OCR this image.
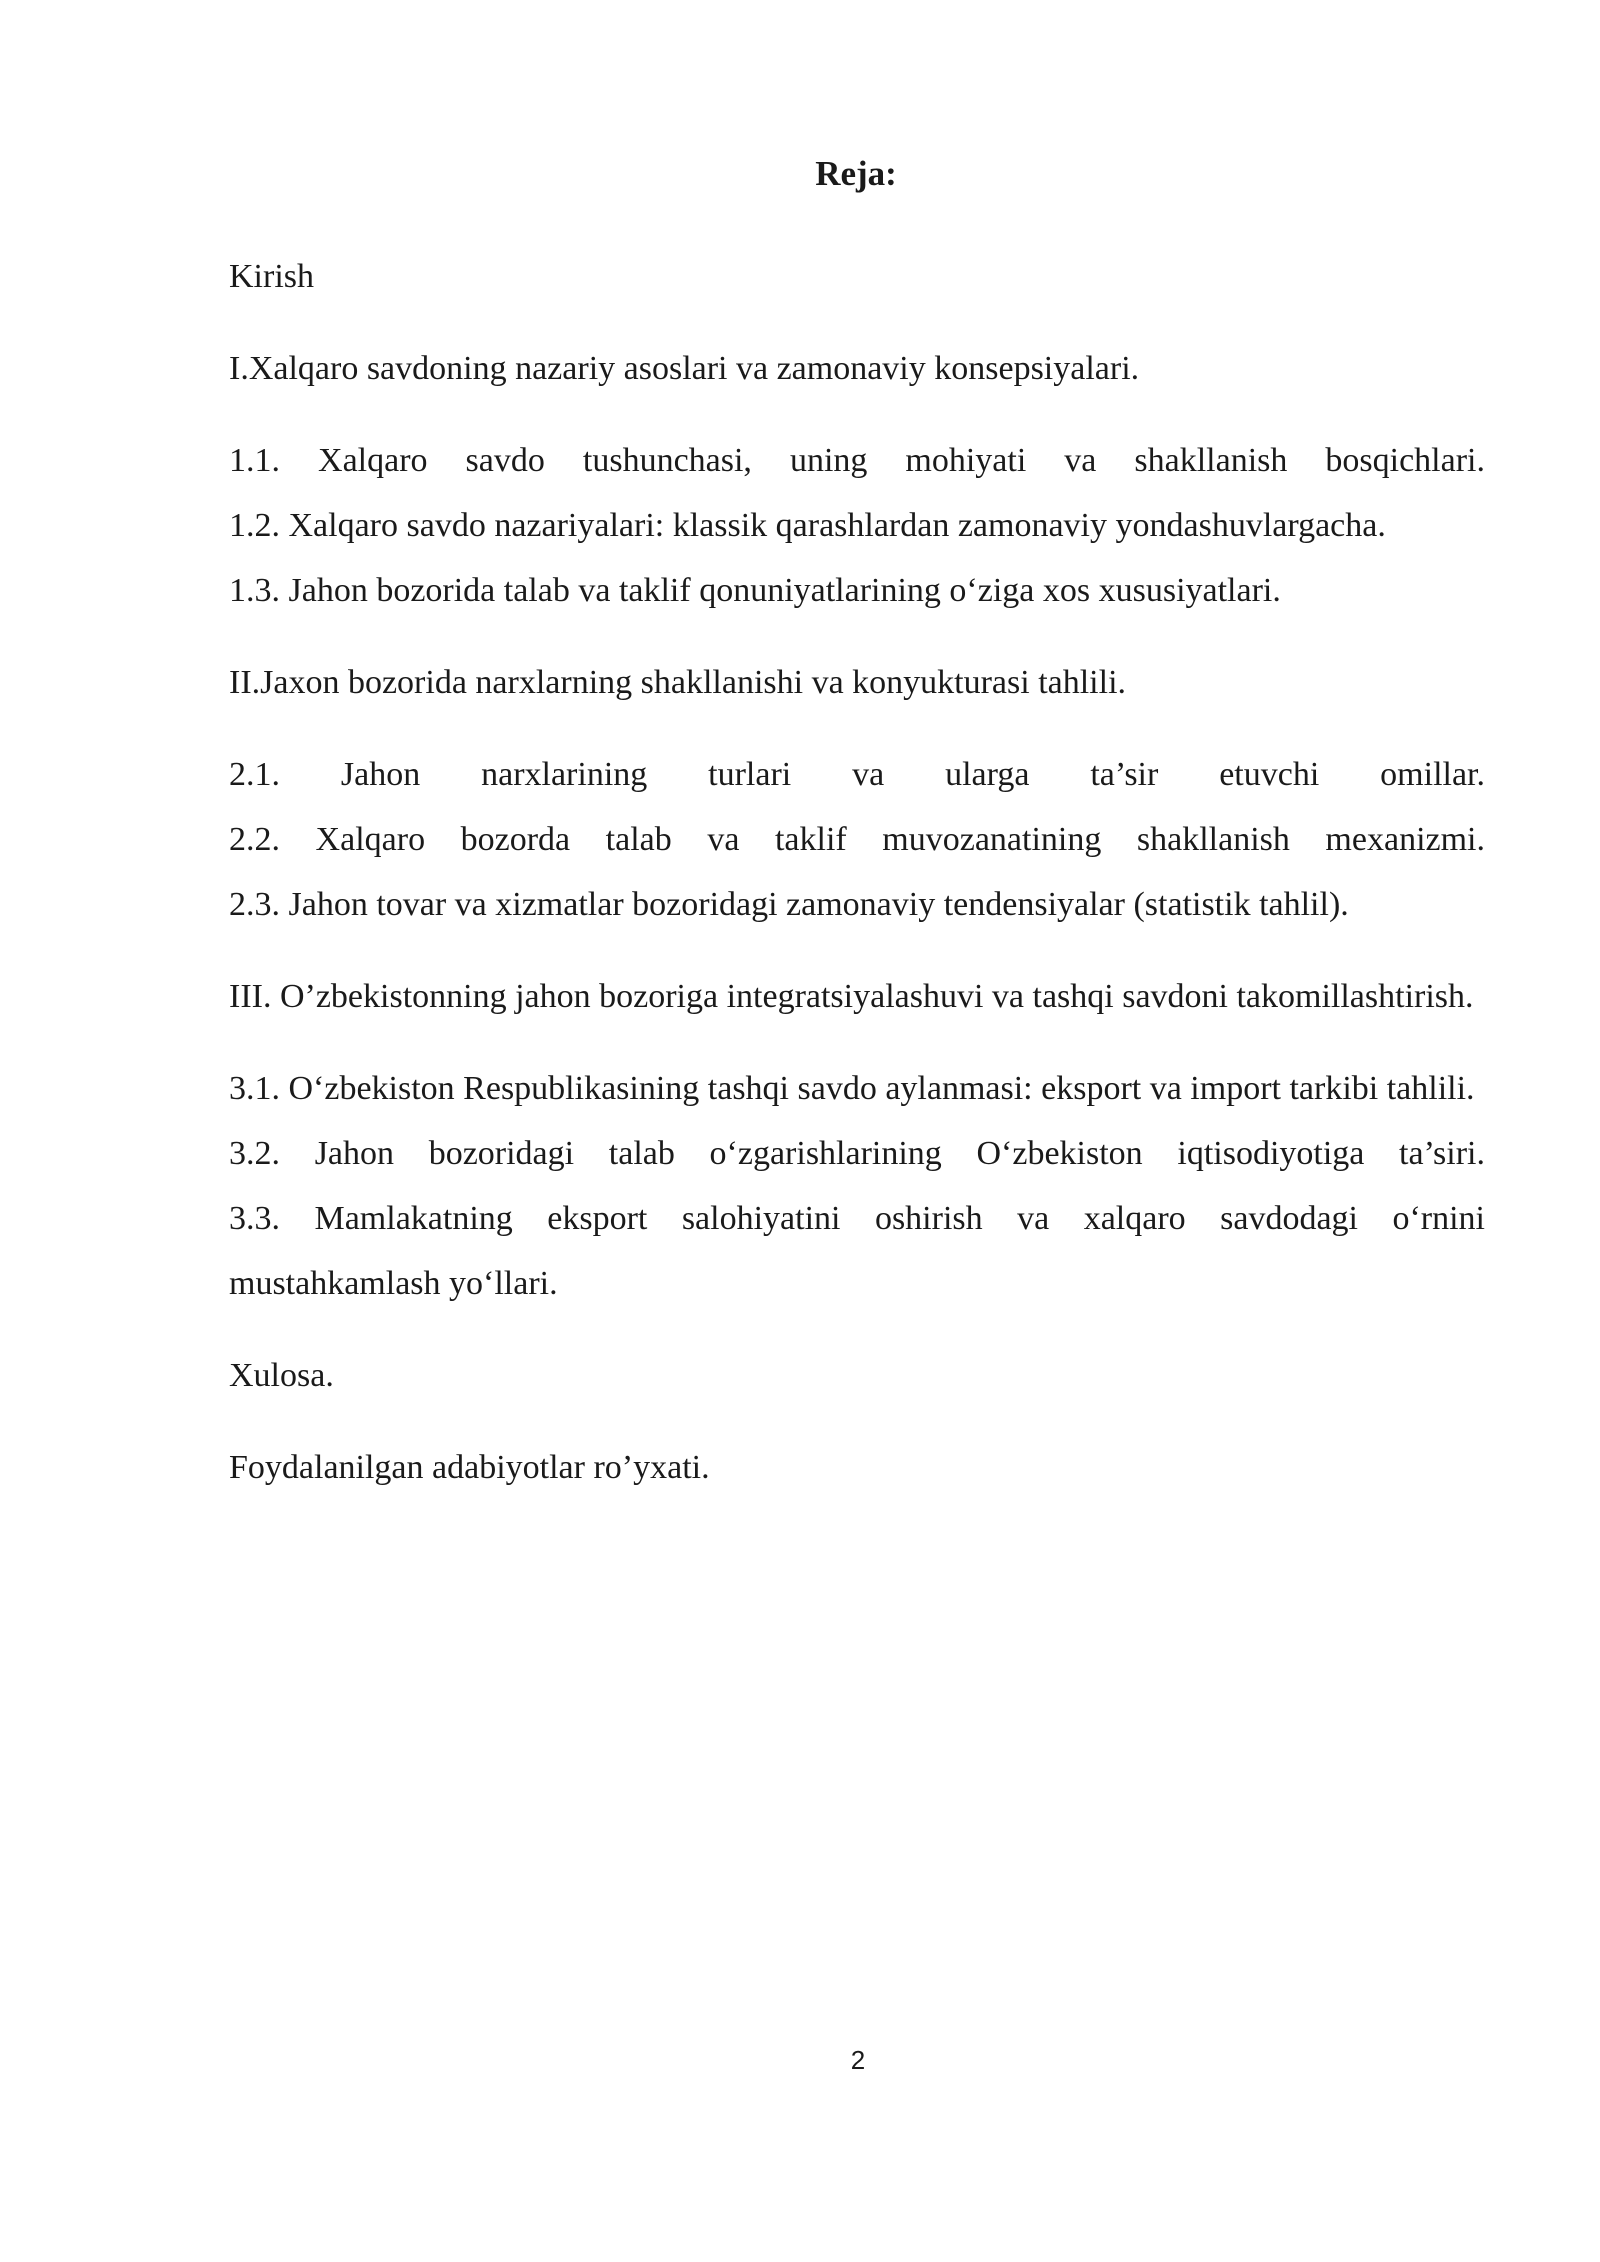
Reja:

Kirish

I.Xalqaro savdoning nazariy asoslari va zamonaviy konsepsiyalari.

1.1. Xalqaro savdo tushunchasi, uning mohiyati va shakllanish bosqichlari.
1.2. Xalqaro savdo nazariyalari: klassik qarashlardan zamonaviy yondashuvlargacha.
1.3. Jahon bozorida talab va taklif qonuniyatlarining o‘ziga xos xususiyatlari.

II.Jaxon bozorida narxlarning shakllanishi va konyukturasi tahlili.

2.1. Jahon narxlarining turlari va ularga ta’sir etuvchi omillar.
2.2. Xalqaro bozorda talab va taklif muvozanatining shakllanish mexanizmi.
2.3. Jahon tovar va xizmatlar bozoridagi zamonaviy tendensiyalar (statistik tahlil).

III. O’zbekistonning jahon bozoriga integratsiyalashuvi va tashqi savdoni takomillashtirish.

3.1. O‘zbekiston Respublikasining tashqi savdo aylanmasi: eksport va import tarkibi tahlili.
3.2. Jahon bozoridagi talab o‘zgarishlarining O‘zbekiston iqtisodiyotiga ta’siri.
3.3. Mamlakatning eksport salohiyatini oshirish va xalqaro savdodagi o‘rnini mustahkamlash yo‘llari.

Xulosa.

Foydalanilgan adabiyotlar ro’yxati.

2
